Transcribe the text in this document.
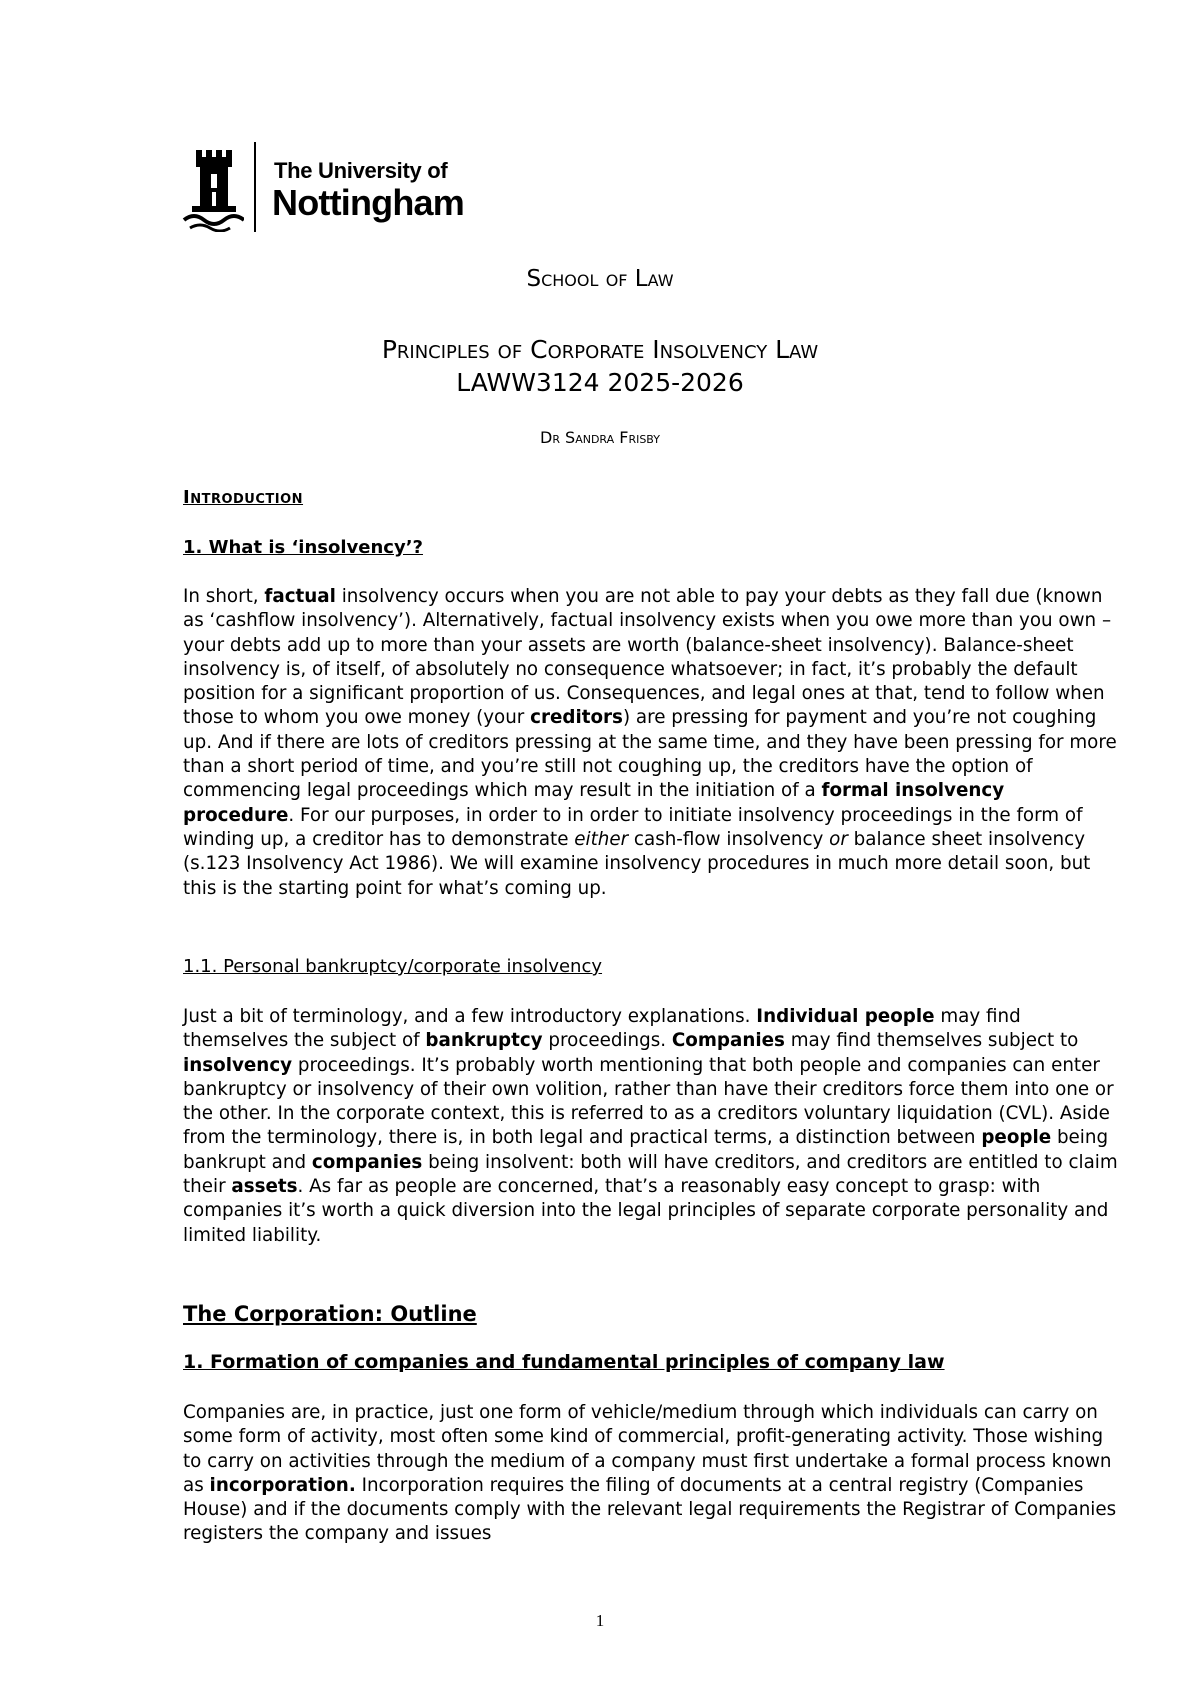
The University of
Nottingham
School of Law
Principles of Corporate Insolvency Law
LAWW3124 2025-2026
Dr Sandra Frisby
Introduction
1. What is ‘insolvency’?
In short, factual insolvency occurs when you are not able to pay your debts as they fall due (known as ‘cashflow insolvency’). Alternatively, factual insolvency exists when you owe more than you own – your debts add up to more than your assets are worth (balance-sheet insolvency). Balance-sheet insolvency is, of itself, of absolutely no consequence whatsoever; in fact, it’s probably the default position for a significant proportion of us. Consequences, and legal ones at that, tend to follow when those to whom you owe money (your creditors) are pressing for payment and you’re not coughing up. And if there are lots of creditors pressing at the same time, and they have been pressing for more than a short period of time, and you’re still not coughing up, the creditors have the option of commencing legal proceedings which may result in the initiation of a formal insolvency procedure. For our purposes, in order to in order to initiate insolvency proceedings in the form of winding up, a creditor has to demonstrate either cash-flow insolvency or balance sheet insolvency (s.123 Insolvency Act 1986). We will examine insolvency procedures in much more detail soon, but this is the starting point for what’s coming up.
1.1. Personal bankruptcy/corporate insolvency
Just a bit of terminology, and a few introductory explanations. Individual people may find themselves the subject of bankruptcy proceedings. Companies may find themselves subject to insolvency proceedings. It’s probably worth mentioning that both people and companies can enter bankruptcy or insolvency of their own volition, rather than have their creditors force them into one or the other. In the corporate context, this is referred to as a creditors voluntary liquidation (CVL). Aside from the terminology, there is, in both legal and practical terms, a distinction between people being bankrupt and companies being insolvent: both will have creditors, and creditors are entitled to claim their assets. As far as people are concerned, that’s a reasonably easy concept to grasp: with companies it’s worth a quick diversion into the legal principles of separate corporate personality and limited liability.
The Corporation: Outline
1. Formation of companies and fundamental principles of company law
Companies are, in practice, just one form of vehicle/medium through which individuals can carry on some form of activity, most often some kind of commercial, profit-generating activity. Those wishing to carry on activities through the medium of a company must first undertake a formal process known as incorporation. Incorporation requires the filing of documents at a central registry (Companies House) and if the documents comply with the relevant legal requirements the Registrar of Companies registers the company and issues
1
